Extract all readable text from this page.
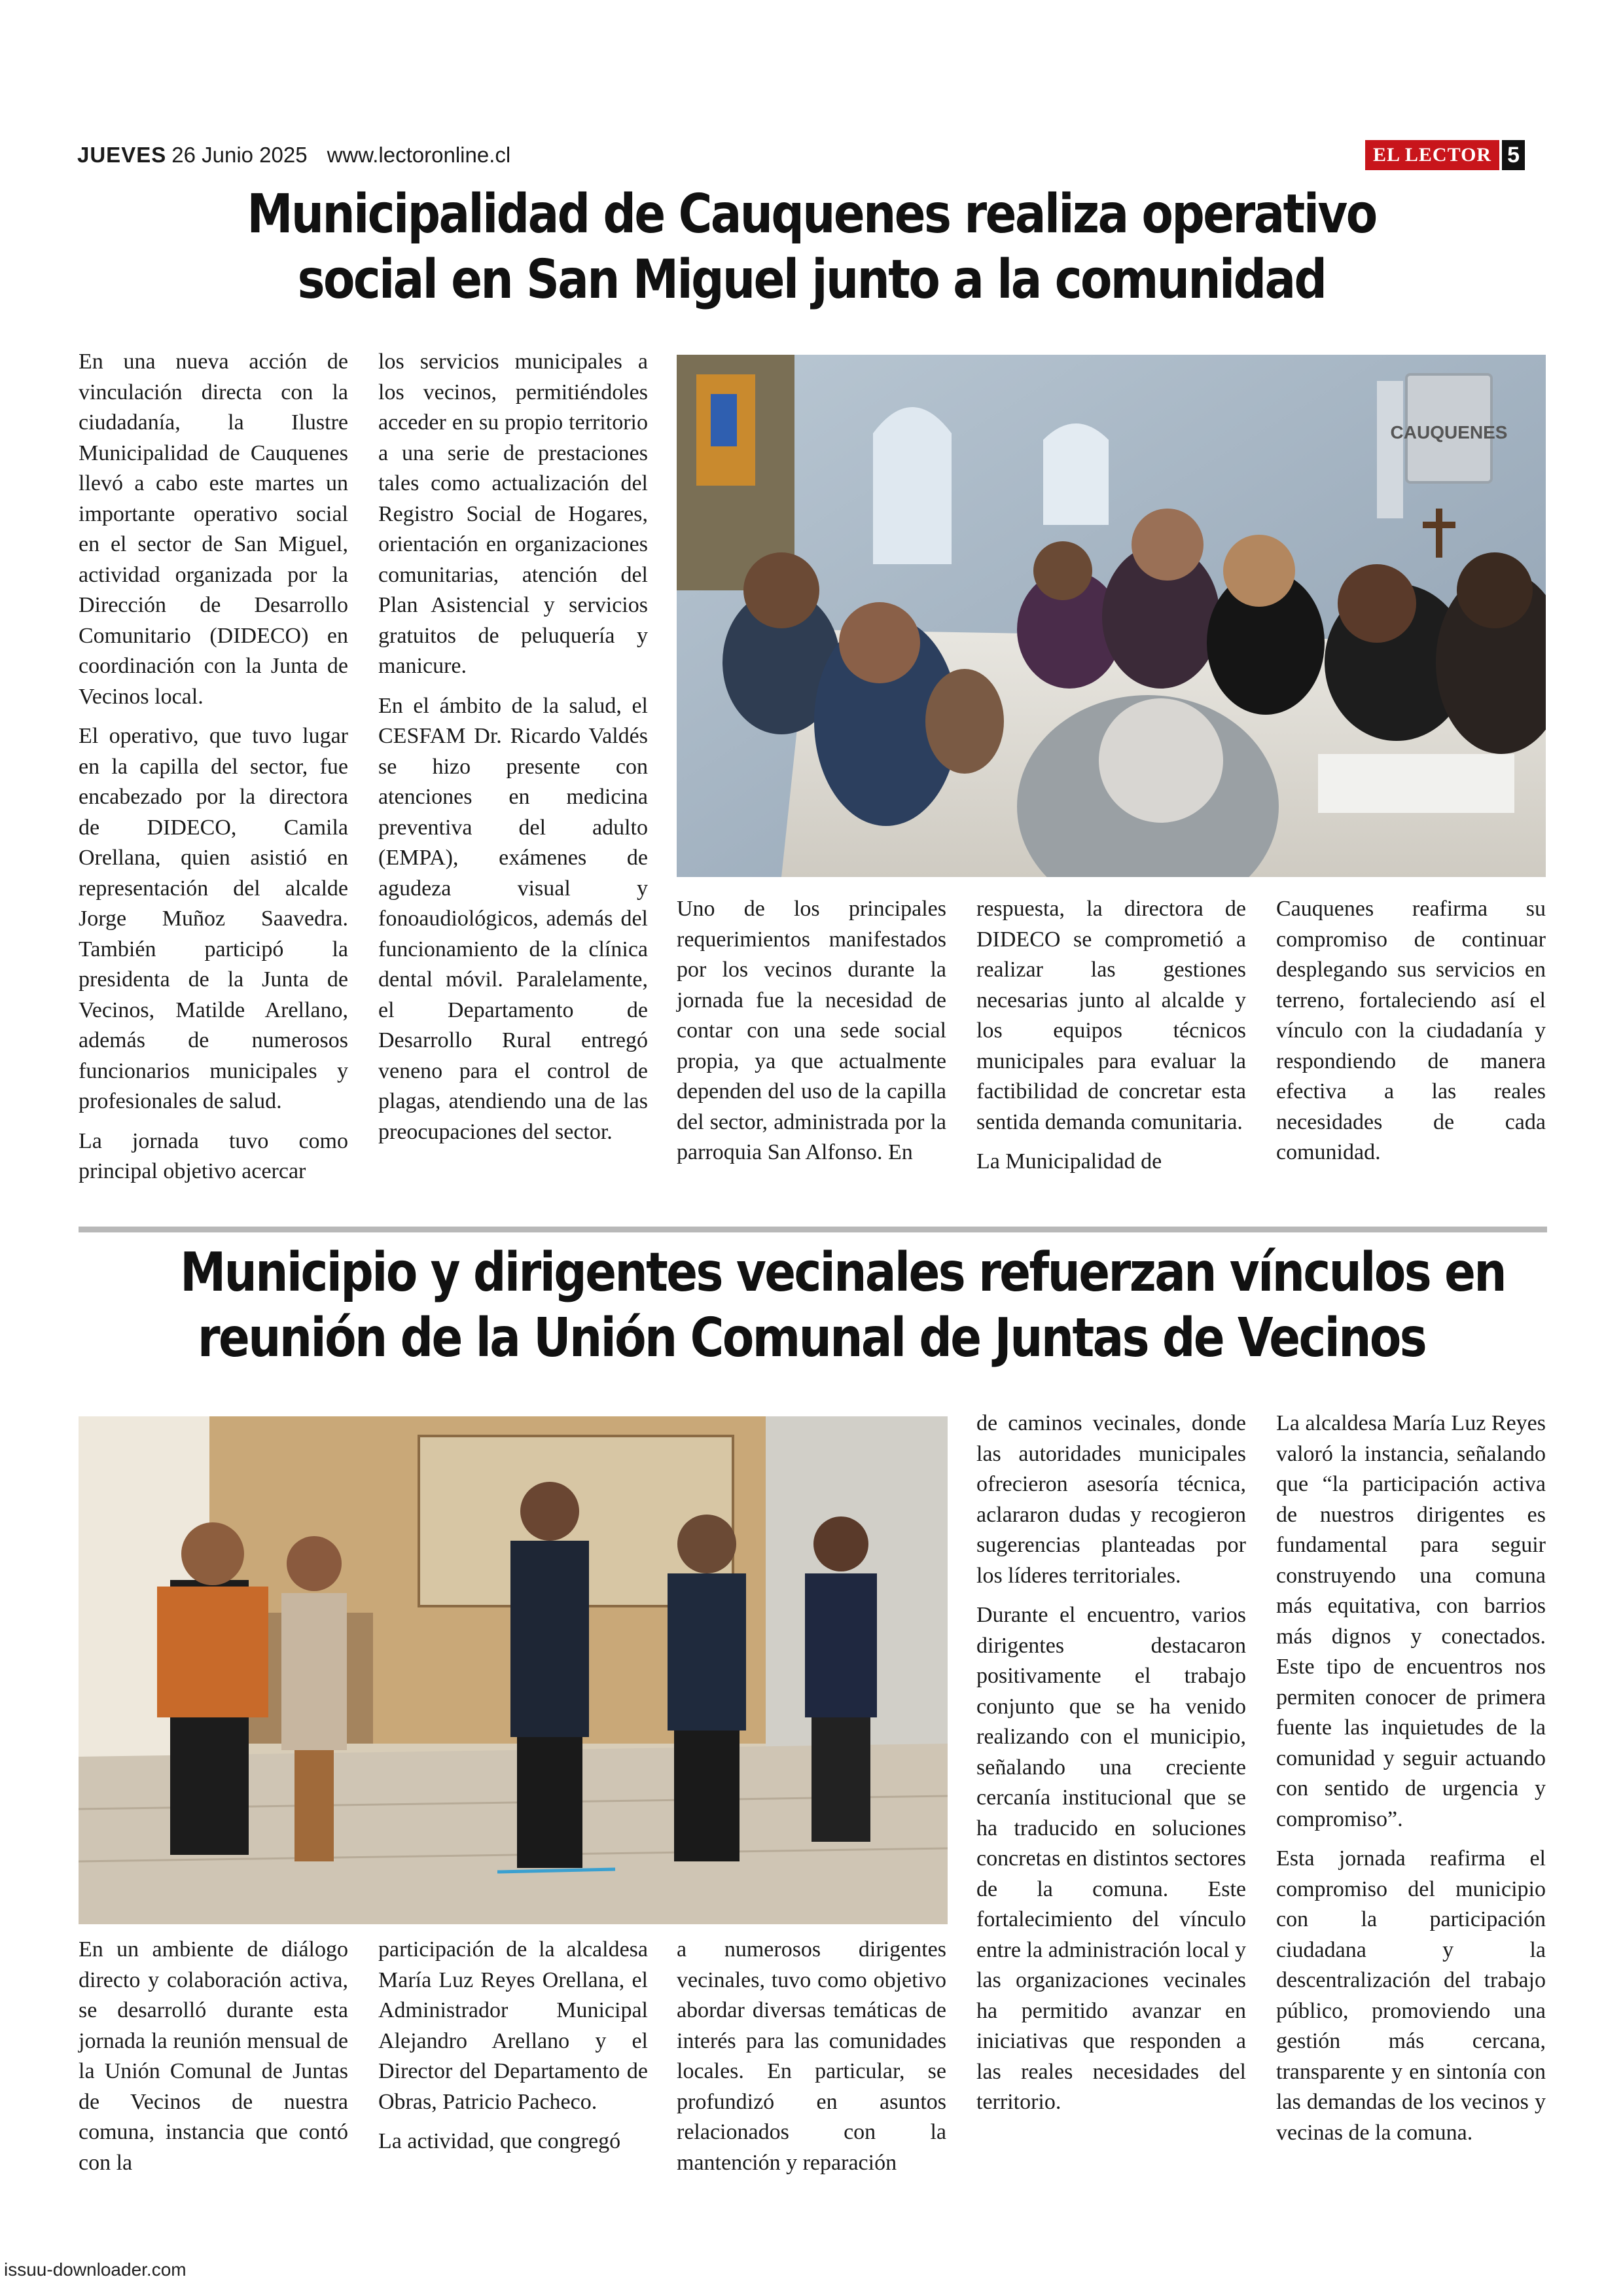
JUEVES 26 Junio 2025 www.lectoronline.cl	EL LECTOR 5
Municipalidad de Cauquenes realiza operativo
social en San Miguel junto a la comunidad

En una nueva acción de vinculación directa con la ciudadanía, la Ilustre Municipalidad de Cauquenes llevó a cabo este martes un importante operativo social en el sector de San Miguel, actividad organizada por la Dirección de Desarrollo Comunitario (DIDECO) en coordinación con la Junta de Vecinos local.

El operativo, que tuvo lugar en la capilla del sector, fue encabezado por la directora de DIDECO, Camila Orellana, quien asistió en representación del alcalde Jorge Muñoz Saavedra. También participó la presidenta de la Junta de Vecinos, Matilde Arellano, además de numerosos funcionarios municipales y profesionales de salud.

La jornada tuvo como principal objetivo acercar

los servicios municipales a los vecinos, permitiéndoles acceder en su propio territorio a una serie de prestaciones tales como actualización del Registro Social de Hogares, orientación en organizaciones comunitarias, atención del Plan Asistencial y servicios gratuitos de peluquería y manicure.

En el ámbito de la salud, el CESFAM Dr. Ricardo Valdés se hizo presente con atenciones en medicina preventiva del adulto (EMPA), exámenes de agudeza visual y fonoaudiológicos, además del funcionamiento de la clínica dental móvil. Paralelamente, el Departamento de Desarrollo Rural entregó veneno para el control de plagas, atendiendo una de las preocupaciones del sector.

CAUQUENES

Uno de los principales requerimientos manifestados por los vecinos durante la jornada fue la necesidad de contar con una sede social propia, ya que actualmente dependen del uso de la capilla del sector, administrada por la parroquia San Alfonso. En

respuesta, la directora de DIDECO se comprometió a realizar las gestiones necesarias junto al alcalde y los equipos técnicos municipales para evaluar la factibilidad de concretar esta sentida demanda comunitaria.

La Municipalidad de

Cauquenes reafirma su compromiso de continuar desplegando sus servicios en terreno, fortaleciendo así el vínculo con la ciudadanía y respondiendo de manera efectiva a las reales necesidades de cada comunidad.

Municipio y dirigentes vecinales refuerzan vínculos en
reunión de la Unión Comunal de Juntas de Vecinos

En un ambiente de diálogo directo y colaboración activa, se desarrolló durante esta jornada la reunión mensual de la Unión Comunal de Juntas de Vecinos de nuestra comuna, instancia que contó con la

participación de la alcaldesa María Luz Reyes Orellana, el Administrador Municipal Alejandro Arellano y el Director del Departamento de Obras, Patricio Pacheco.

La actividad, que congregó

a numerosos dirigentes vecinales, tuvo como objetivo abordar diversas temáticas de interés para las comunidades locales. En particular, se profundizó en asuntos relacionados con la mantención y reparación

de caminos vecinales, donde las autoridades municipales ofrecieron asesoría técnica, aclararon dudas y recogieron sugerencias planteadas por los líderes territoriales.

Durante el encuentro, varios dirigentes destacaron positivamente el trabajo conjunto que se ha venido realizando con el municipio, señalando una creciente cercanía institucional que se ha traducido en soluciones concretas en distintos sectores de la comuna. Este fortalecimiento del vínculo entre la administración local y las organizaciones vecinales ha permitido avanzar en iniciativas que responden a las reales necesidades del territorio.

La alcaldesa María Luz Reyes valoró la instancia, señalando que “la participación activa de nuestros dirigentes es fundamental para seguir construyendo una comuna más equitativa, con barrios más dignos y conectados. Este tipo de encuentros nos permiten conocer de primera fuente las inquietudes de la comunidad y seguir actuando con sentido de urgencia y compromiso”.

Esta jornada reafirma el compromiso del municipio con la participación ciudadana y la descentralización del trabajo público, promoviendo una gestión más cercana, transparente y en sintonía con las demandas de los vecinos y vecinas de la comuna.

issuu-downloader.com
